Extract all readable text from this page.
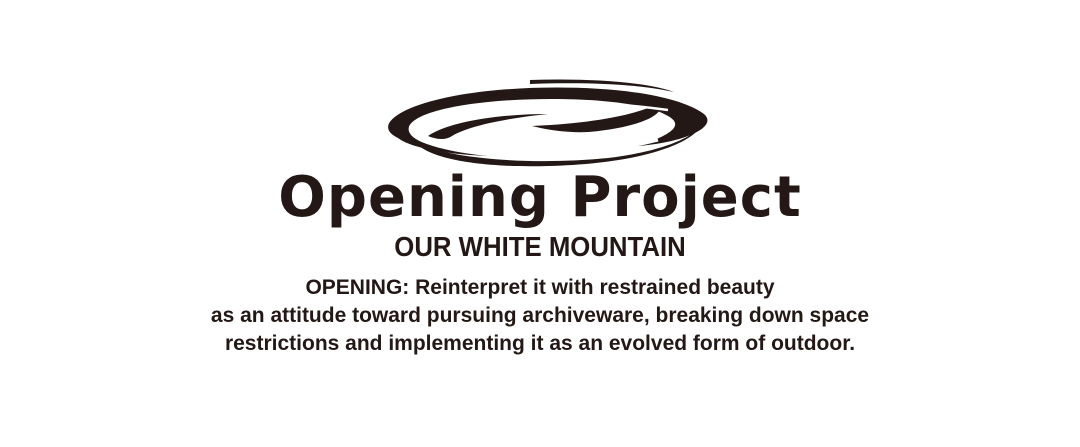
Opening Project
OUR WHITE MOUNTAIN
OPENING: Reinterpret it with restrained beauty
as an attitude toward pursuing archiveware, breaking down space
restrictions and implementing it as an evolved form of outdoor.
